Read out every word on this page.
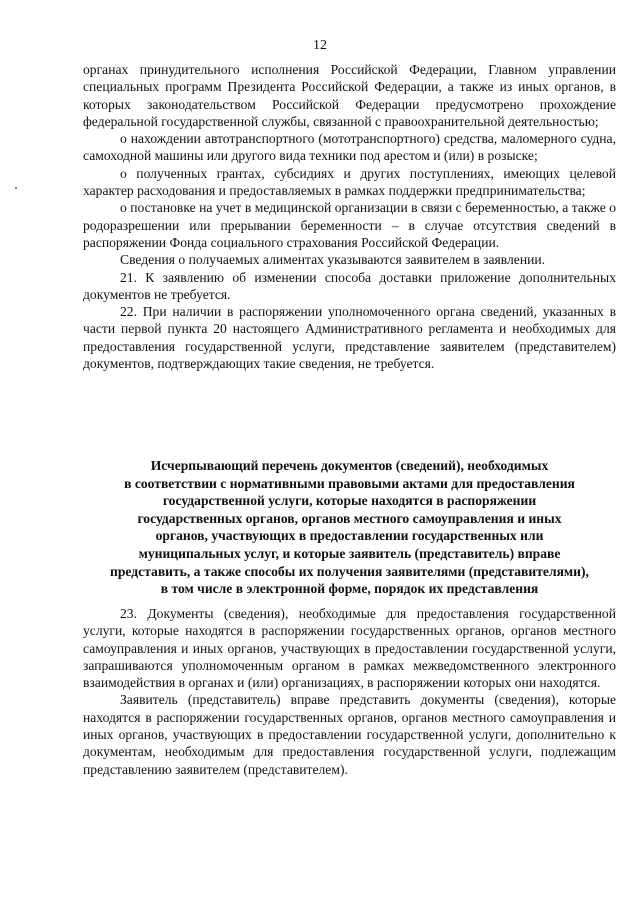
12

органах принудительного исполнения Российской Федерации, Главном управлении специальных программ Президента Российской Федерации, а также из иных органов, в которых законодательством Российской Федерации предусмотрено прохождение федеральной государственной службы, связанной с правоохранительной деятельностью;

о нахождении автотранспортного (мототранспортного) средства, маломерного судна, самоходной машины или другого вида техники под арестом и (или) в розыске;

о полученных грантах, субсидиях и других поступлениях, имеющих целевой характер расходования и предоставляемых в рамках поддержки предпринимательства;

о постановке на учет в медицинской организации в связи с беременностью, а также о родоразрешении или прерывании беременности – в случае отсутствия сведений в распоряжении Фонда социального страхования Российской Федерации.

Сведения о получаемых алиментах указываются заявителем в заявлении.

21. К заявлению об изменении способа доставки приложение дополнительных документов не требуется.

22. При наличии в распоряжении уполномоченного органа сведений, указанных в части первой пункта 20 настоящего Административного регламента и необходимых для предоставления государственной услуги, представление заявителем (представителем) документов, подтверждающих такие сведения, не требуется.

Исчерпывающий перечень документов (сведений), необходимых
в соответствии с нормативными правовыми актами для предоставления
государственной услуги, которые находятся в распоряжении
государственных органов, органов местного самоуправления и иных
органов, участвующих в предоставлении государственных или
муниципальных услуг, и которые заявитель (представитель) вправе
представить, а также способы их получения заявителями (представителями),
в том числе в электронной форме, порядок их представления

23. Документы (сведения), необходимые для предоставления государственной услуги, которые находятся в распоряжении государственных органов, органов местного самоуправления и иных органов, участвующих в предоставлении государственной услуги, запрашиваются уполномоченным органом в рамках межведомственного электронного взаимодействия в органах и (или) организациях, в распоряжении которых они находятся.

Заявитель (представитель) вправе представить документы (сведения), которые находятся в распоряжении государственных органов, органов местного самоуправления и иных органов, участвующих в предоставлении государственной услуги, дополнительно к документам, необходимым для предоставления государственной услуги, подлежащим представлению заявителем (представителем).
